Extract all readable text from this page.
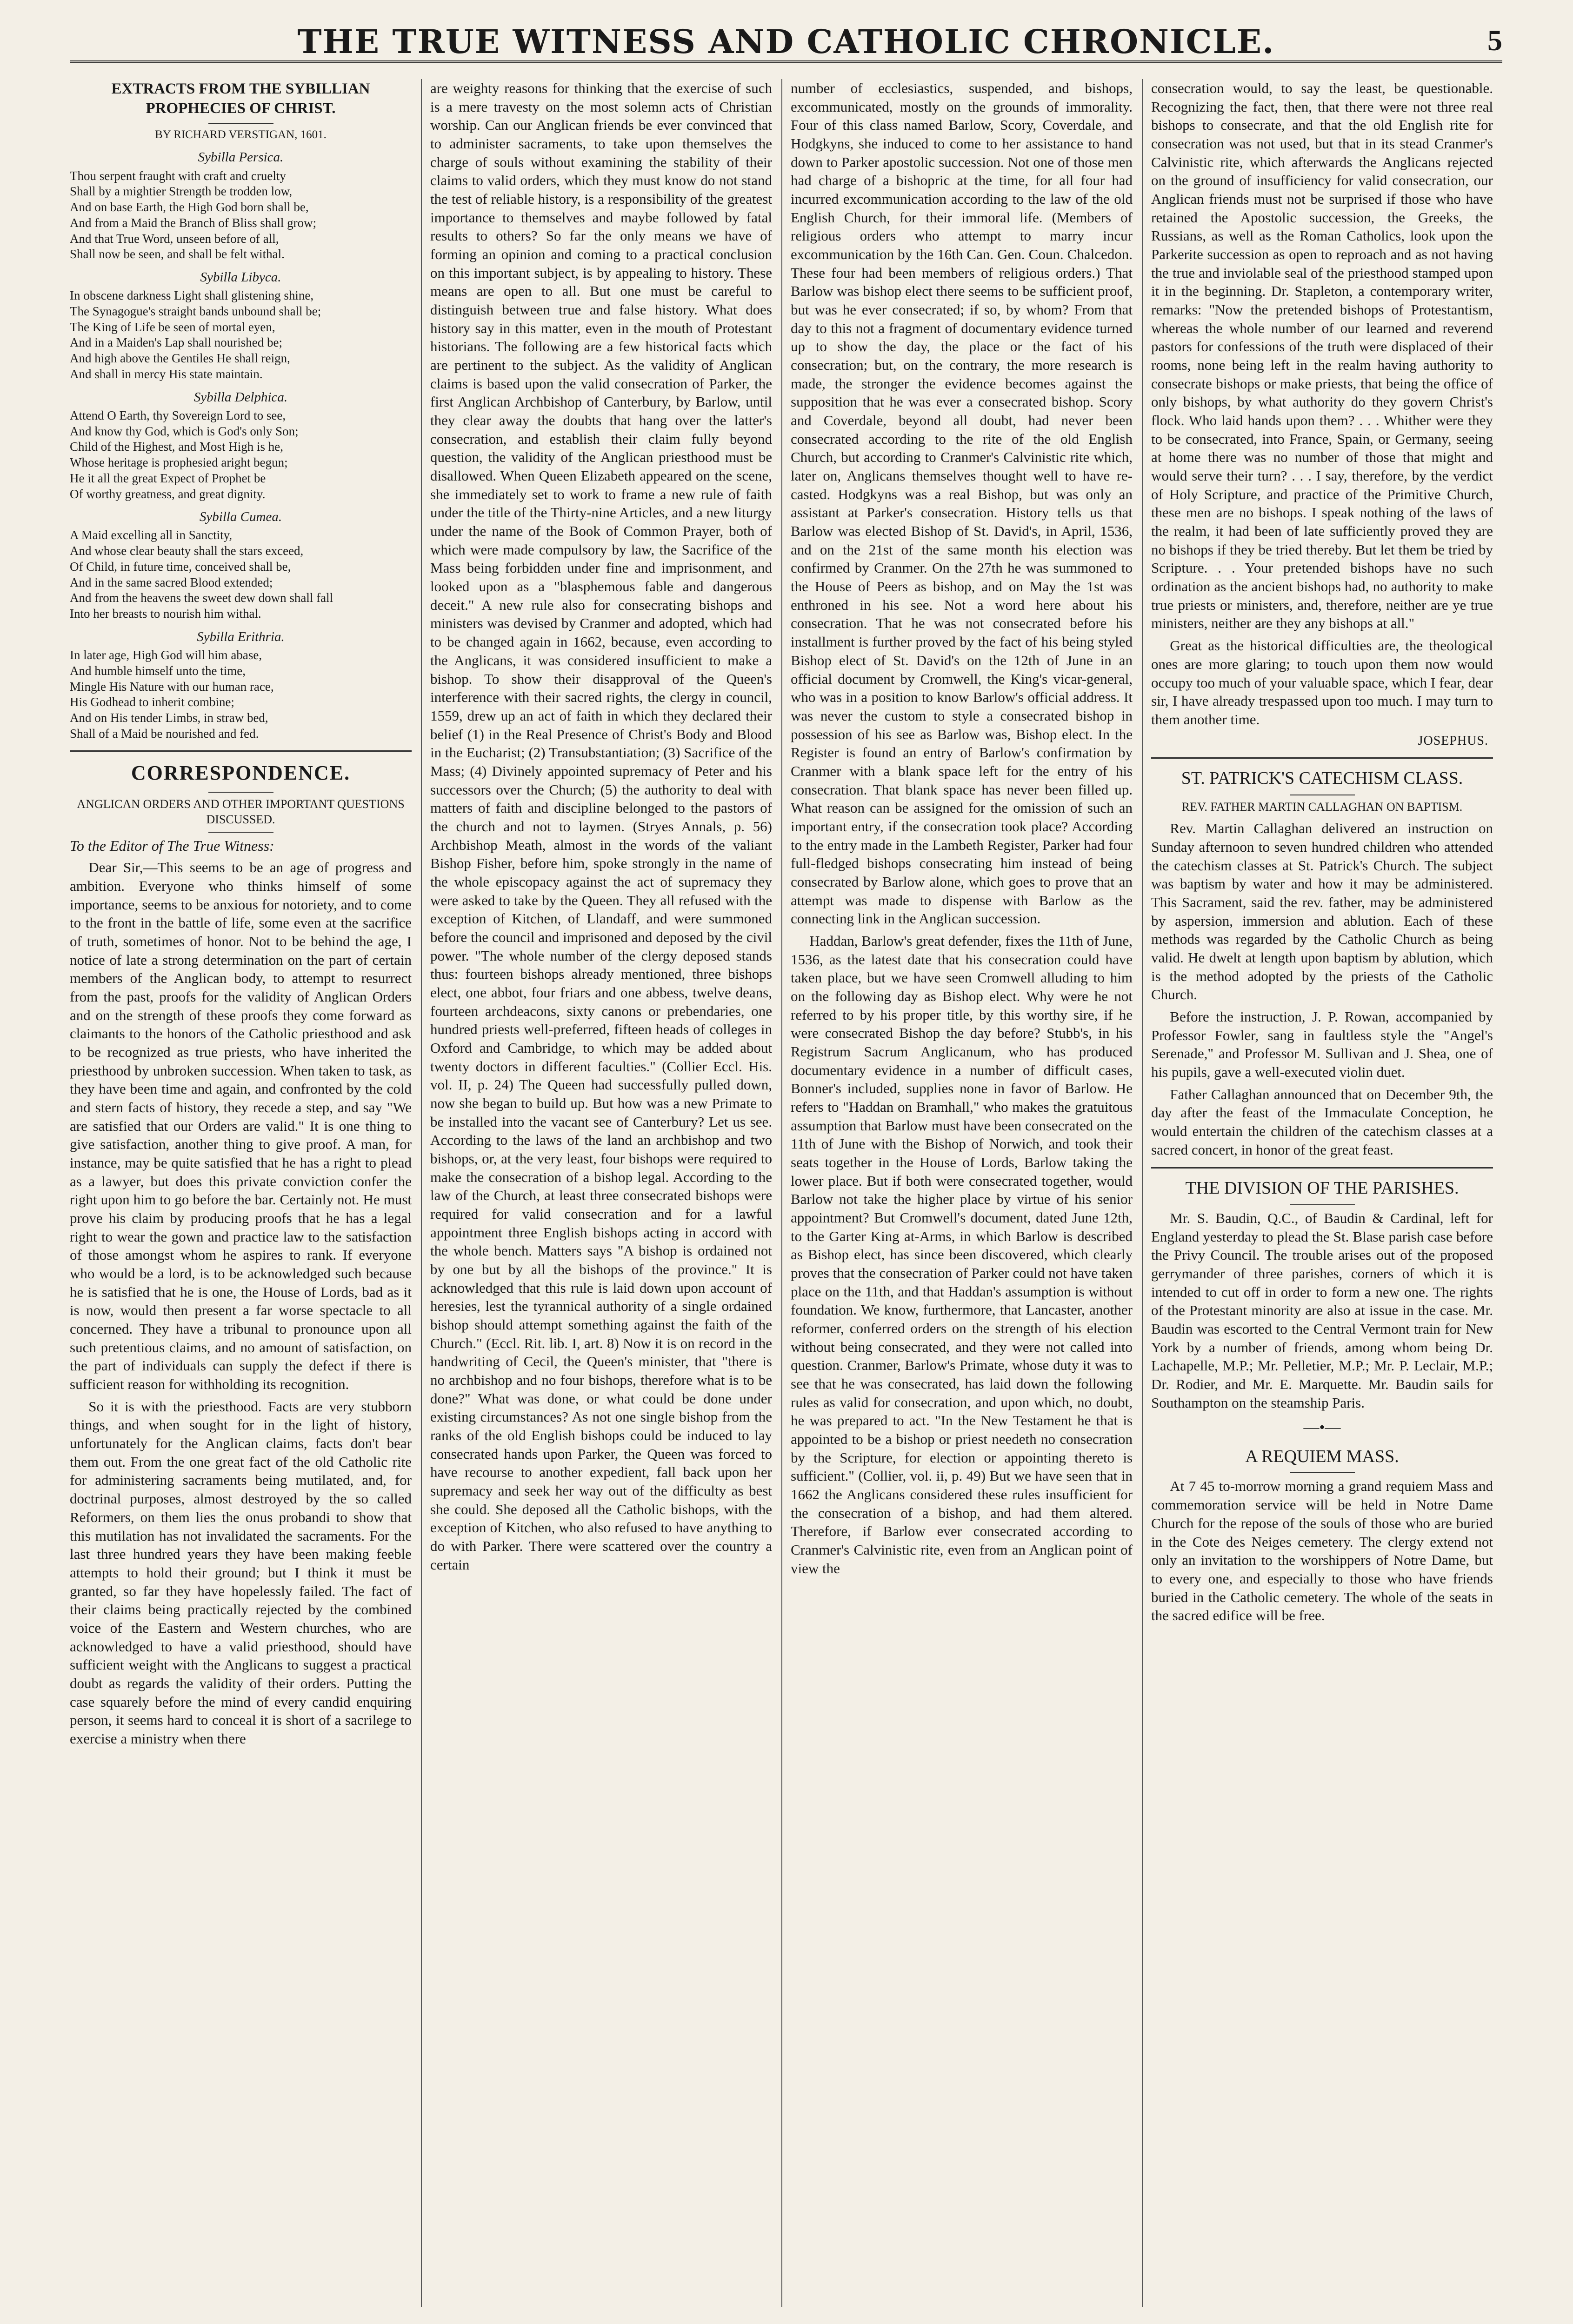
THE TRUE WITNESS AND CATHOLIC CHRONICLE.	5
EXTRACTS FROM THE SYBILLIAN PROPHECIES OF CHRIST.
BY RICHARD VERSTIGAN, 1601.
Sybilla Persica.

Thou serpent fraught with craft and cruelty

Shall by a mightier Strength be trodden low,

And on base Earth, the High God born shall be,

And from a Maid the Branch of Bliss shall grow;

And that True Word, unseen before of all,

Shall now be seen, and shall be felt withal.

Sybilla Libyca.

In obscene darkness Light shall glistening shine,

The Synagogue's straight bands unbound shall be;

The King of Life be seen of mortal eyen,

And in a Maiden's Lap shall nourished be;

And high above the Gentiles He shall reign,

And shall in mercy His state maintain.

Sybilla Delphica.

Attend O Earth, thy Sovereign Lord to see,

And know thy God, which is God's only Son;

Child of the Highest, and Most High is he,

Whose heritage is prophesied aright begun;

He it all the great Expect of Prophet be

Of worthy greatness, and great dignity.

Sybilla Cumea.

A Maid excelling all in Sanctity,

And whose clear beauty shall the stars exceed,

Of Child, in future time, conceived shall be,

And in the same sacred Blood extended;

And from the heavens the sweet dew down shall fall

Into her breasts to nourish him withal.

Sybilla Erithria.

In later age, High God will him abase,

And humble himself unto the time,

Mingle His Nature with our human race,

His Godhead to inherit combine;

And on His tender Limbs, in straw bed,

Shall of a Maid be nourished and fed.

CORRESPONDENCE.
ANGLICAN ORDERS AND OTHER IMPORTANT QUESTIONS DISCUSSED.
To the Editor of The True Witness:

Dear Sir,—This seems to be an age of progress and ambition. Everyone who thinks himself of some importance, seems to be anxious for notoriety, and to come to the front in the battle of life, some even at the sacrifice of truth, sometimes of honor. Not to be behind the age, I notice of late a strong determination on the part of certain members of the Anglican body, to attempt to resurrect from the past, proofs for the validity of Anglican Orders and on the strength of these proofs they come forward as claimants to the honors of the Catholic priesthood and ask to be recognized as true priests, who have inherited the priesthood by unbroken succession. When taken to task, as they have been time and again, and confronted by the cold and stern facts of history, they recede a step, and say "We are satisfied that our Orders are valid." It is one thing to give satisfaction, another thing to give proof. A man, for instance, may be quite satisfied that he has a right to plead as a lawyer, but does this private conviction confer the right upon him to go before the bar. Certainly not. He must prove his claim by producing proofs that he has a legal right to wear the gown and practice law to the satisfaction of those amongst whom he aspires to rank. If everyone who would be a lord, is to be acknowledged such because he is satisfied that he is one, the House of Lords, bad as it is now, would then present a far worse spectacle to all concerned. They have a tribunal to pronounce upon all such pretentious claims, and no amount of satisfaction, on the part of individuals can supply the defect if there is sufficient reason for withholding its recognition.

So it is with the priesthood. Facts are very stubborn things, and when sought for in the light of history, unfortunately for the Anglican claims, facts don't bear them out. From the one great fact of the old Catholic rite for administering sacraments being mutilated, and, for doctrinal purposes, almost destroyed by the so called Reformers, on them lies the onus probandi to show that this mutilation has not invalidated the sacraments. For the last three hundred years they have been making feeble attempts to hold their ground; but I think it must be granted, so far they have hopelessly failed. The fact of their claims being practically rejected by the combined voice of the Eastern and Western churches, who are acknowledged to have a valid priesthood, should have sufficient weight with the Anglicans to suggest a practical doubt as regards the validity of their orders. Putting the case squarely before the mind of every candid enquiring person, it seems hard to conceal it is short of a sacrilege to exercise a ministry when there

are weighty reasons for thinking that the exercise of such is a mere travesty on the most solemn acts of Christian worship. Can our Anglican friends be ever convinced that to administer sacraments, to take upon themselves the charge of souls without examining the stability of their claims to valid orders, which they must know do not stand the test of reliable history, is a responsibility of the greatest importance to themselves and maybe followed by fatal results to others? So far the only means we have of forming an opinion and coming to a practical conclusion on this important subject, is by appealing to history. These means are open to all. But one must be careful to distinguish between true and false history. What does history say in this matter, even in the mouth of Protestant historians. The following are a few historical facts which are pertinent to the subject. As the validity of Anglican claims is based upon the valid consecration of Parker, the first Anglican Archbishop of Canterbury, by Barlow, until they clear away the doubts that hang over the latter's consecration, and establish their claim fully beyond question, the validity of the Anglican priesthood must be disallowed. When Queen Elizabeth appeared on the scene, she immediately set to work to frame a new rule of faith under the title of the Thirty-nine Articles, and a new liturgy under the name of the Book of Common Prayer, both of which were made compulsory by law, the Sacrifice of the Mass being forbidden under fine and imprisonment, and looked upon as a "blasphemous fable and dangerous deceit." A new rule also for consecrating bishops and ministers was devised by Cranmer and adopted, which had to be changed again in 1662, because, even according to the Anglicans, it was considered insufficient to make a bishop. To show their disapproval of the Queen's interference with their sacred rights, the clergy in council, 1559, drew up an act of faith in which they declared their belief (1) in the Real Presence of Christ's Body and Blood in the Eucharist; (2) Transubstantiation; (3) Sacrifice of the Mass; (4) Divinely appointed supremacy of Peter and his successors over the Church; (5) the authority to deal with matters of faith and discipline belonged to the pastors of the church and not to laymen. (Stryes Annals, p. 56) Archbishop Meath, almost in the words of the valiant Bishop Fisher, before him, spoke strongly in the name of the whole episcopacy against the act of supremacy they were asked to take by the Queen. They all refused with the exception of Kitchen, of Llandaff, and were summoned before the council and imprisoned and deposed by the civil power. "The whole number of the clergy deposed stands thus: fourteen bishops already mentioned, three bishops elect, one abbot, four friars and one abbess, twelve deans, fourteen archdeacons, sixty canons or prebendaries, one hundred priests well-preferred, fifteen heads of colleges in Oxford and Cambridge, to which may be added about twenty doctors in different faculties." (Collier Eccl. His. vol. II, p. 24) The Queen had successfully pulled down, now she began to build up. But how was a new Primate to be installed into the vacant see of Canterbury? Let us see. According to the laws of the land an archbishop and two bishops, or, at the very least, four bishops were required to make the consecration of a bishop legal. According to the law of the Church, at least three consecrated bishops were required for valid consecration and for a lawful appointment three English bishops acting in accord with the whole bench. Matters says "A bishop is ordained not by one but by all the bishops of the province." It is acknowledged that this rule is laid down upon account of heresies, lest the tyrannical authority of a single ordained bishop should attempt something against the faith of the Church." (Eccl. Rit. lib. I, art. 8) Now it is on record in the handwriting of Cecil, the Queen's minister, that "there is no archbishop and no four bishops, therefore what is to be done?" What was done, or what could be done under existing circumstances? As not one single bishop from the ranks of the old English bishops could be induced to lay consecrated hands upon Parker, the Queen was forced to have recourse to another expedient, fall back upon her supremacy and seek her way out of the difficulty as best she could. She deposed all the Catholic bishops, with the exception of Kitchen, who also refused to have anything to do with Parker. There were scattered over the country a certain

number of ecclesiastics, suspended, and bishops, excommunicated, mostly on the grounds of immorality. Four of this class named Barlow, Scory, Coverdale, and Hodgkyns, she induced to come to her assistance to hand down to Parker apostolic succession. Not one of those men had charge of a bishopric at the time, for all four had incurred excommunication according to the law of the old English Church, for their immoral life. (Members of religious orders who attempt to marry incur excommunication by the 16th Can. Gen. Coun. Chalcedon. These four had been members of religious orders.) That Barlow was bishop elect there seems to be sufficient proof, but was he ever consecrated; if so, by whom? From that day to this not a fragment of documentary evidence turned up to show the day, the place or the fact of his consecration; but, on the contrary, the more research is made, the stronger the evidence becomes against the supposition that he was ever a consecrated bishop. Scory and Coverdale, beyond all doubt, had never been consecrated according to the rite of the old English Church, but according to Cranmer's Calvinistic rite which, later on, Anglicans themselves thought well to have re-casted. Hodgkyns was a real Bishop, but was only an assistant at Parker's consecration. History tells us that Barlow was elected Bishop of St. David's, in April, 1536, and on the 21st of the same month his election was confirmed by Cranmer. On the 27th he was summoned to the House of Peers as bishop, and on May the 1st was enthroned in his see. Not a word here about his consecration. That he was not consecrated before his installment is further proved by the fact of his being styled Bishop elect of St. David's on the 12th of June in an official document by Cromwell, the King's vicar-general, who was in a position to know Barlow's official address. It was never the custom to style a consecrated bishop in possession of his see as Barlow was, Bishop elect. In the Register is found an entry of Barlow's confirmation by Cranmer with a blank space left for the entry of his consecration. That blank space has never been filled up. What reason can be assigned for the omission of such an important entry, if the consecration took place? According to the entry made in the Lambeth Register, Parker had four full-fledged bishops consecrating him instead of being consecrated by Barlow alone, which goes to prove that an attempt was made to dispense with Barlow as the connecting link in the Anglican succession.

Haddan, Barlow's great defender, fixes the 11th of June, 1536, as the latest date that his consecration could have taken place, but we have seen Cromwell alluding to him on the following day as Bishop elect. Why were he not referred to by his proper title, by this worthy sire, if he were consecrated Bishop the day before? Stubb's, in his Registrum Sacrum Anglicanum, who has produced documentary evidence in a number of difficult cases, Bonner's included, supplies none in favor of Barlow. He refers to "Haddan on Bramhall," who makes the gratuitous assumption that Barlow must have been consecrated on the 11th of June with the Bishop of Norwich, and took their seats together in the House of Lords, Barlow taking the lower place. But if both were consecrated together, would Barlow not take the higher place by virtue of his senior appointment? But Cromwell's document, dated June 12th, to the Garter King at-Arms, in which Barlow is described as Bishop elect, has since been discovered, which clearly proves that the consecration of Parker could not have taken place on the 11th, and that Haddan's assumption is without foundation. We know, furthermore, that Lancaster, another reformer, conferred orders on the strength of his election without being consecrated, and they were not called into question. Cranmer, Barlow's Primate, whose duty it was to see that he was consecrated, has laid down the following rules as valid for consecration, and upon which, no doubt, he was prepared to act. "In the New Testament he that is appointed to be a bishop or priest needeth no consecration by the Scripture, for election or appointing thereto is sufficient." (Collier, vol. ii, p. 49) But we have seen that in 1662 the Anglicans considered these rules insufficient for the consecration of a bishop, and had them altered. Therefore, if Barlow ever consecrated according to Cranmer's Calvinistic rite, even from an Anglican point of view the

consecration would, to say the least, be questionable. Recognizing the fact, then, that there were not three real bishops to consecrate, and that the old English rite for consecration was not used, but that in its stead Cranmer's Calvinistic rite, which afterwards the Anglicans rejected on the ground of insufficiency for valid consecration, our Anglican friends must not be surprised if those who have retained the Apostolic succession, the Greeks, the Russians, as well as the Roman Catholics, look upon the Parkerite succession as open to reproach and as not having the true and inviolable seal of the priesthood stamped upon it in the beginning. Dr. Stapleton, a contemporary writer, remarks: "Now the pretended bishops of Protestantism, whereas the whole number of our learned and reverend pastors for confessions of the truth were displaced of their rooms, none being left in the realm having authority to consecrate bishops or make priests, that being the office of only bishops, by what authority do they govern Christ's flock. Who laid hands upon them? . . . Whither were they to be consecrated, into France, Spain, or Germany, seeing at home there was no number of those that might and would serve their turn? . . . I say, therefore, by the verdict of Holy Scripture, and practice of the Primitive Church, these men are no bishops. I speak nothing of the laws of the realm, it had been of late sufficiently proved they are no bishops if they be tried thereby. But let them be tried by Scripture. . . Your pretended bishops have no such ordination as the ancient bishops had, no authority to make true priests or ministers, and, therefore, neither are ye true ministers, neither are they any bishops at all."

Great as the historical difficulties are, the theological ones are more glaring; to touch upon them now would occupy too much of your valuable space, which I fear, dear sir, I have already trespassed upon too much. I may turn to them another time.

JOSEPHUS.
ST. PATRICK'S CATECHISM CLASS.
REV. FATHER MARTIN CALLAGHAN ON BAPTISM.

Rev. Martin Callaghan delivered an instruction on Sunday afternoon to seven hundred children who attended the catechism classes at St. Patrick's Church. The subject was baptism by water and how it may be administered. This Sacrament, said the rev. father, may be administered by aspersion, immersion and ablution. Each of these methods was regarded by the Catholic Church as being valid. He dwelt at length upon baptism by ablution, which is the method adopted by the priests of the Catholic Church.

Before the instruction, J. P. Rowan, accompanied by Professor Fowler, sang in faultless style the "Angel's Serenade," and Professor M. Sullivan and J. Shea, one of his pupils, gave a well-executed violin duet.

Father Callaghan announced that on December 9th, the day after the feast of the Immaculate Conception, he would entertain the children of the catechism classes at a sacred concert, in honor of the great feast.

THE DIVISION OF THE PARISHES.

Mr. S. Baudin, Q.C., of Baudin & Cardinal, left for England yesterday to plead the St. Blase parish case before the Privy Council. The trouble arises out of the proposed gerrymander of three parishes, corners of which it is intended to cut off in order to form a new one. The rights of the Protestant minority are also at issue in the case. Mr. Baudin was escorted to the Central Vermont train for New York by a number of friends, among whom being Dr. Lachapelle, M.P.; Mr. Pelletier, M.P.; Mr. P. Leclair, M.P.; Dr. Rodier, and Mr. E. Marquette. Mr. Baudin sails for Southampton on the steamship Paris.

—•—
A REQUIEM MASS.

At 7 45 to-morrow morning a grand requiem Mass and commemoration service will be held in Notre Dame Church for the repose of the souls of those who are buried in the Cote des Neiges cemetery. The clergy extend not only an invitation to the worshippers of Notre Dame, but to every one, and especially to those who have friends buried in the Catholic cemetery. The whole of the seats in the sacred edifice will be free.
